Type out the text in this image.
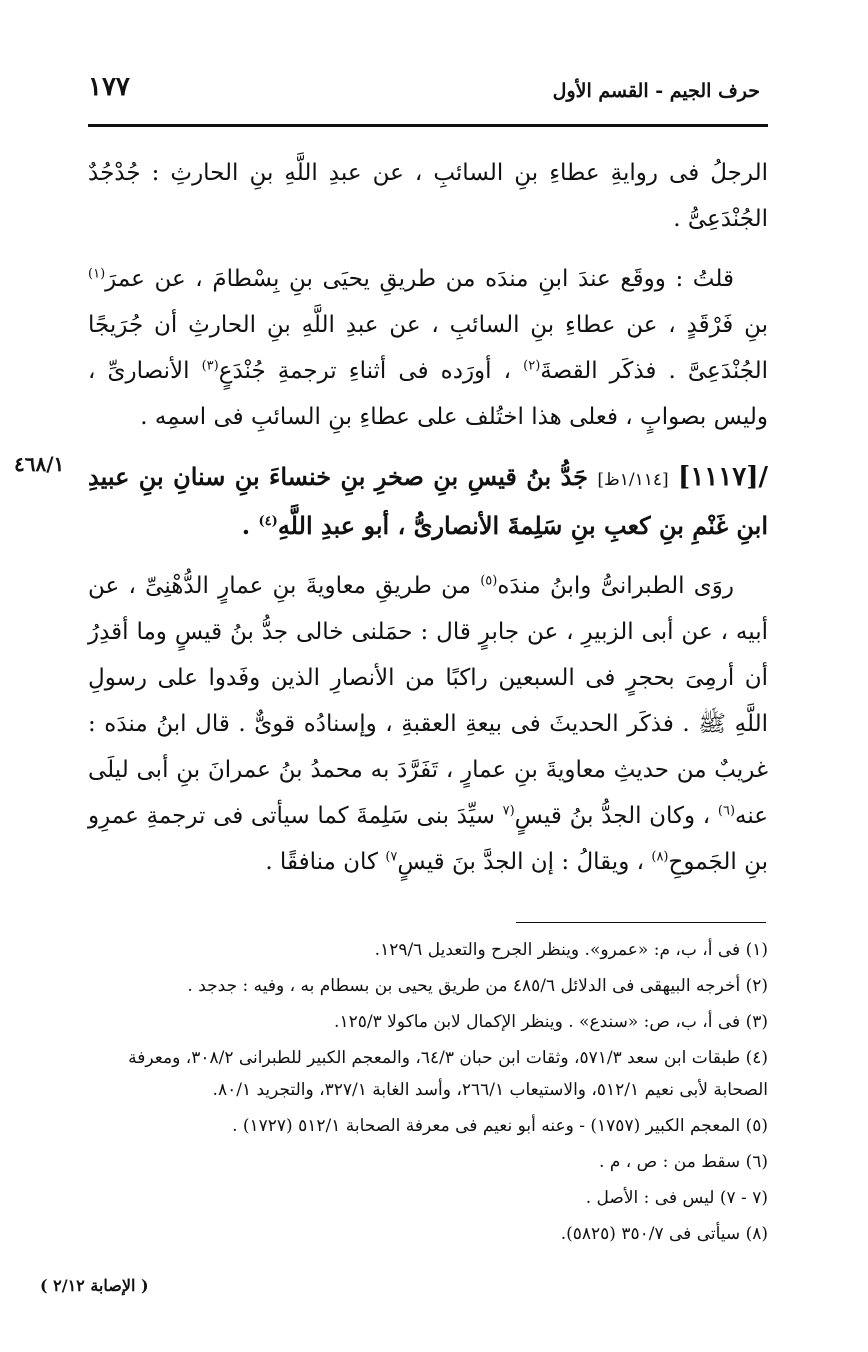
١٧٧	حرف الجيم - القسم الأول
٤٦٨/١

الرجلُ فى روايةِ عطاءِ بنِ السائبِ ، عن عبدِ اللَّهِ بنِ الحارثِ : جُدْجُدٌ الجُنْدَعِىُّ .

قلتُ : ووقَع عندَ ابنِ مندَه من طريقِ يحيَى بنِ بِسْطامَ ، عن عمرَ$^{(١)}$ بنِ فَرْقَدٍ ، عن عطاءِ بنِ السائبِ ، عن عبدِ اللَّهِ بنِ الحارثِ أن جُرَيجًا الجُنْدَعِىَّ . فذكَر القصةَ$^{(٢)}$ ، أورَده فى أثناءِ ترجمةِ جُنْدَعٍ$^{(٣)}$ الأنصارىِّ ، وليس بصوابٍ ، فعلى هذا اختُلف على عطاءِ بنِ السائبِ فى اسمِه .

/[١١١٧] [١/١١٤ظ] جَدُّ بنُ قيسِ بنِ صخرِ بنِ خنساءَ بنِ سنانِ بنِ عبيدِ ابنِ غَنْمِ بنِ كعبِ بنِ سَلِمةَ الأنصارىُّ ، أبو عبدِ اللَّهِ$^{(٤)}$ .

روَى الطبرانىُّ وابنُ مندَه$^{(٥)}$ من طريقِ معاويةَ بنِ عمارٍ الدُّهْنِىِّ ، عن أبيه ، عن أبى الزبيرِ ، عن جابرٍ قال : حمَلنى خالى جدُّ بنُ قيسٍ وما أقدِرُ أن أرمِىَ بحجرٍ فى السبعين راكبًا من الأنصارِ الذين وفَدوا على رسولِ اللَّهِ ﷺ . فذكَر الحديثَ فى بيعةِ العقبةِ ، وإسنادُه قوىٌّ . قال ابنُ مندَه : غريبٌ من حديثِ معاويةَ بنِ عمارٍ ، تَفَرَّدَ به محمدُ بنُ عمرانَ بنِ أبى ليلَى عنه$^{(٦)}$ ، وكان الجدُّ بنُ قيسٍ$^{(٧}$ سيِّدَ بنى سَلِمةَ كما سيأتى فى ترجمةِ عمرِو بنِ الجَموحِ$^{(٨)}$ ، ويقالُ : إن الجدَّ بنَ قيسٍ$^{٧)}$ كان منافقًا .

(١) فى أ، ب، م: «عمرو». وينظر الجرح والتعديل ١٢٩/٦.
(٢) أخرجه البيهقى فى الدلائل ٤٨٥/٦ من طريق يحيى بن بسطام به ، وفيه : جدجد .
(٣) فى أ، ب، ص: «سندع» . وينظر الإكمال لابن ماكولا ١٢٥/٣.
(٤) طبقات ابن سعد ٥٧١/٣، وثقات ابن حبان ٦٤/٣، والمعجم الكبير للطبرانى ٣٠٨/٢، ومعرفة الصحابة لأبى نعيم ٥١٢/١، والاستيعاب ٢٦٦/١، وأسد الغابة ٣٢٧/١، والتجريد ٨٠/١.
(٥) المعجم الكبير (١٧٥٧) - وعنه أبو نعيم فى معرفة الصحابة ٥١٢/١ (١٧٢٧) .
(٦) سقط من : ص ، م .
(٧ - ٧) ليس فى : الأصل .
(٨) سيأتى فى ٣٥٠/٧ (٥٨٢٥).
( الإصابة ٢/١٢ )
